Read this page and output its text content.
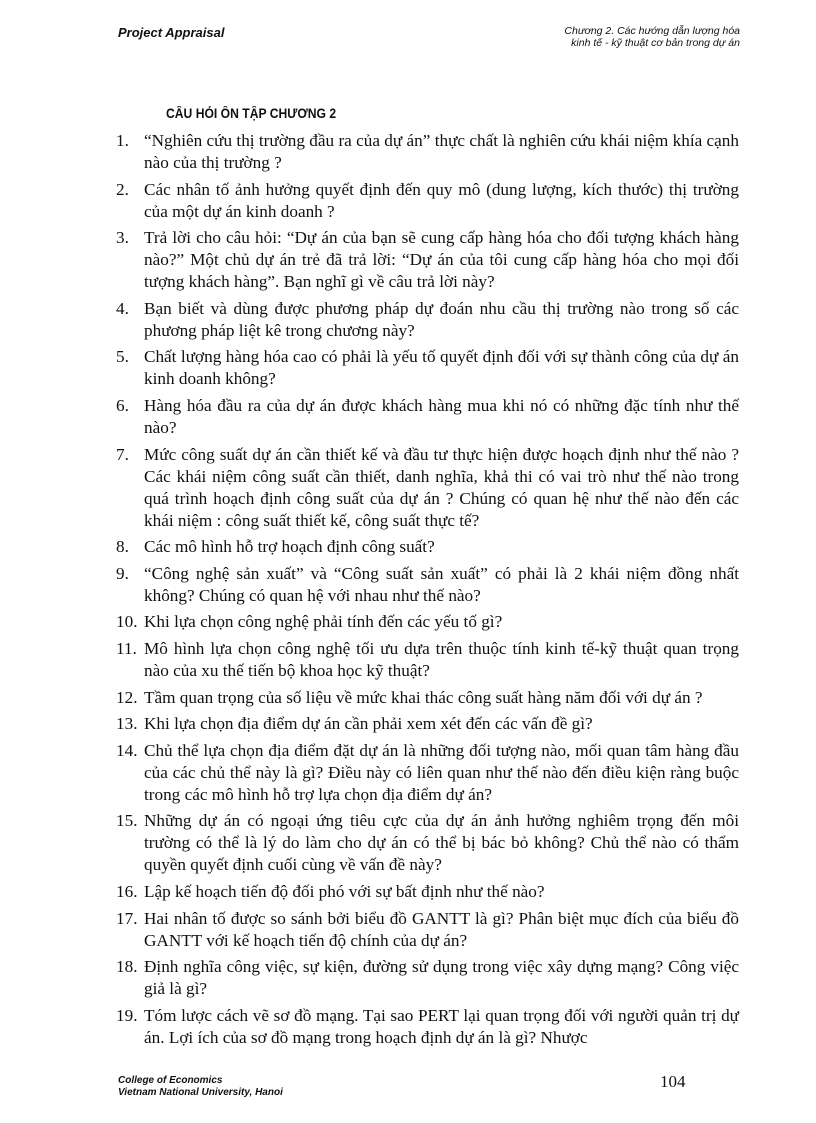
Project Appraisal	Chương 2. Các hướng dẫn lượng hóa
kinh tế - kỹ thuật cơ bản trong dự án
CÂU HỎI ÔN TẬP CHƯƠNG 2
1. “Nghiên cứu thị trường đầu ra của dự án” thực chất là nghiên cứu khái niệm khía cạnh nào của thị trường ?
2. Các nhân tố ảnh hưởng quyết định đến quy mô (dung lượng, kích thước) thị trường của một dự án kinh doanh ?
3. Trả lời cho câu hỏi: “Dự án của bạn sẽ cung cấp hàng hóa cho đối tượng khách hàng nào?” Một chủ dự án trẻ đã trả lời: “Dự án của tôi cung cấp hàng hóa cho mọi đối tượng khách hàng”. Bạn nghĩ gì về câu trả lời này?
4. Bạn biết và dùng được phương pháp dự đoán nhu cầu thị trường nào trong số các phương pháp liệt kê trong chương này?
5. Chất lượng hàng hóa cao có phải là yếu tố quyết định đối với sự thành công của dự án kinh doanh không?
6. Hàng hóa đầu ra của dự án được khách hàng mua khi nó có những đặc tính như thế nào?
7. Mức công suất dự án cần thiết kế và đầu tư thực hiện được hoạch định như thế nào ? Các khái niệm công suất cần thiết, danh nghĩa, khả thi có vai trò như thế nào trong quá trình hoạch định công suất của dự án ? Chúng có quan hệ như thế nào đến các khái niệm : công suất thiết kế, công suất thực tế?
8. Các mô hình hỗ trợ hoạch định công suất?
9. “Công nghệ sản xuất” và “Công suất sản xuất” có phải là 2 khái niệm đồng nhất không? Chúng có quan hệ với nhau như thế nào?
10. Khi lựa chọn công nghệ phải tính đến các yếu tố gì?
11. Mô hình lựa chọn công nghệ tối ưu dựa trên thuộc tính kinh tế-kỹ thuật quan trọng nào của xu thế tiến bộ khoa học kỹ thuật?
12. Tầm quan trọng của số liệu về mức khai thác công suất hàng năm đối với dự án ?
13. Khi lựa chọn địa điểm dự án cần phải xem xét đến các vấn đề gì?
14. Chủ thể lựa chọn địa điểm đặt dự án là những đối tượng nào, mối quan tâm hàng đầu của các chủ thể này là gì? Điều này có liên quan như thế nào đến điều kiện ràng buộc trong các mô hình hỗ trợ lựa chọn địa điểm dự án?
15. Những dự án có ngoại ứng tiêu cực của dự án ảnh hưởng nghiêm trọng đến môi trường có thể là lý do làm cho dự án có thể bị bác bỏ không? Chủ thể nào có thẩm quyền quyết định cuối cùng về vấn đề này?
16. Lập kế hoạch tiến độ đối phó với sự bất định như thế nào?
17. Hai nhân tố được so sánh bởi biểu đồ GANTT là gì? Phân biệt mục đích của biểu đồ GANTT với kế hoạch tiến độ chính của dự án?
18. Định nghĩa công việc, sự kiện, đường sử dụng trong việc xây dựng mạng? Công việc giả là gì?
19. Tóm lược cách vẽ sơ đồ mạng. Tại sao PERT lại quan trọng đối với người quản trị dự án. Lợi ích của sơ đồ mạng trong hoạch định dự án là gì? Nhược
College of Economics
Vietnam National University, Hanoi
104
